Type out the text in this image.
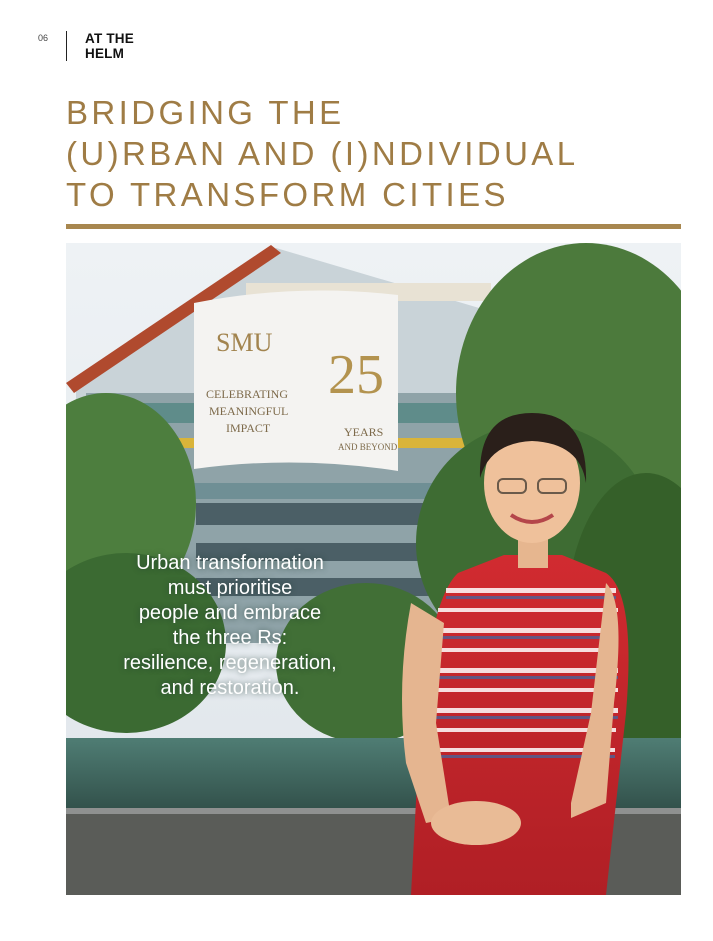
06	AT THE
HELM
BRIDGING THE
(U)RBAN AND (I)NDIVIDUAL
TO TRANSFORM CITIES
SMU
CELEBRATING
MEANINGFUL
IMPACT
25
YEARS
AND BEYOND

Urban transformation
must prioritise
people and embrace
the three Rs:
resilience, regeneration,
and restoration.
